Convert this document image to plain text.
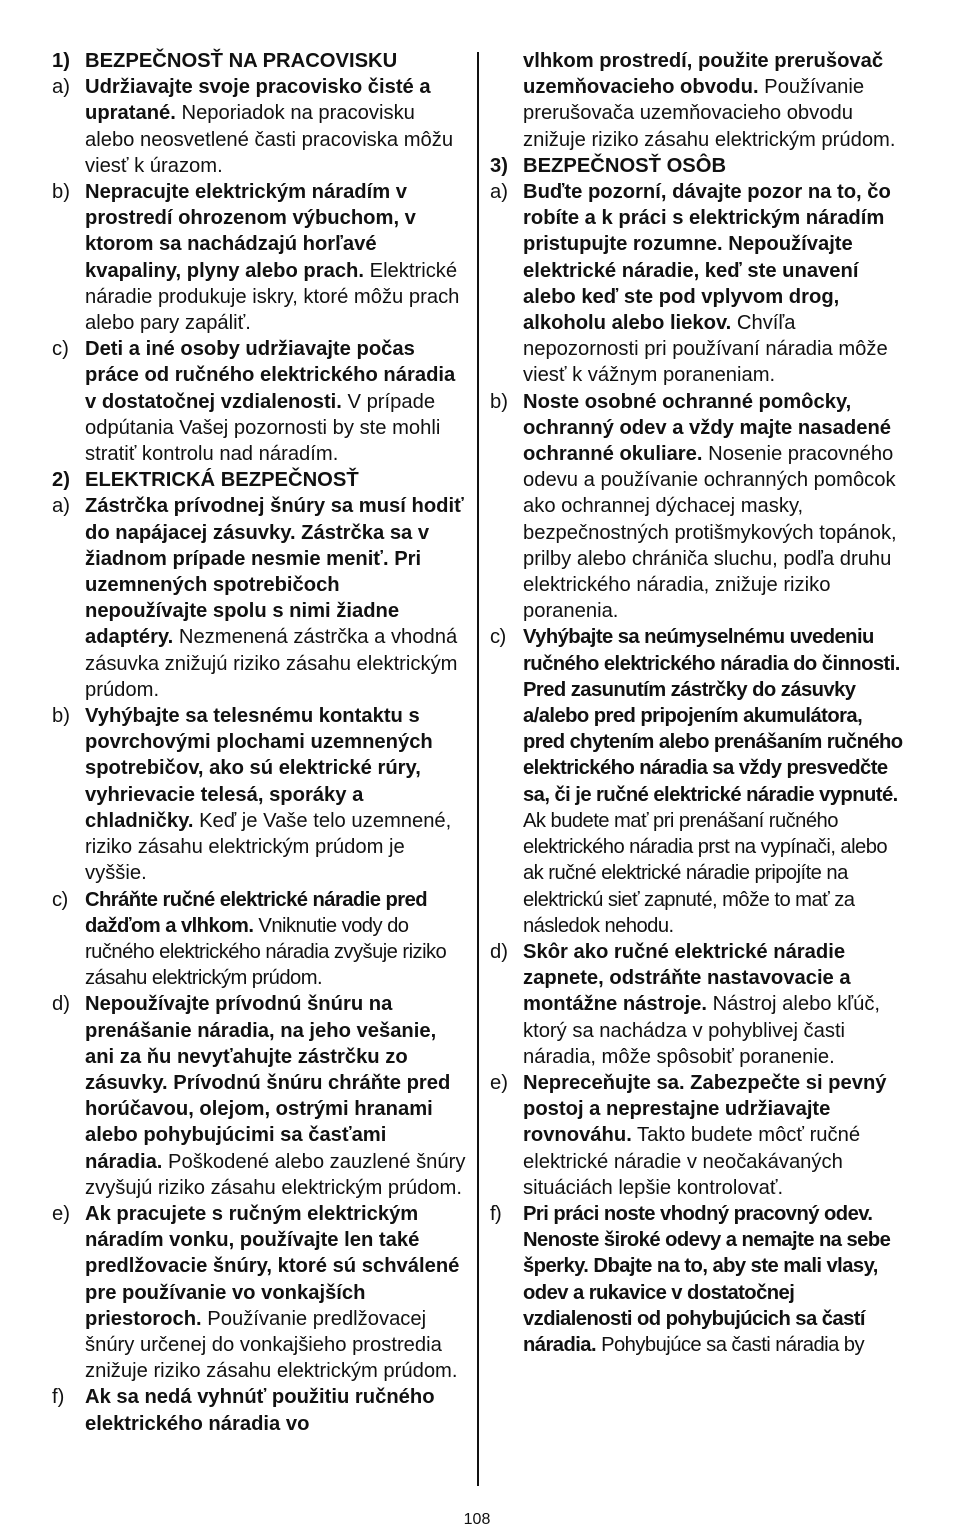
1) BEZPEČNOSŤ NA PRACOVISKU
a) Udržiavajte svoje pracovisko čisté a upratané. Neporiadok na pracovisku alebo neosvetlené časti pracoviska môžu viesť k úrazom.
b) Nepracujte elektrickým náradím v prostredí ohrozenom výbuchom, v ktorom sa nachádzajú horľavé kvapaliny, plyny alebo prach. Elektrické náradie produkuje iskry, ktoré môžu prach alebo pary zapáliť.
c) Deti a iné osoby udržiavajte počas práce od ručného elektrického náradia v dostatočnej vzdialenosti. V prípade odpútania Vašej pozornosti by ste mohli stratiť kontrolu nad náradím.
2) ELEKTRICKÁ BEZPEČNOSŤ
a) Zástrčka prívodnej šnúry sa musí hodiť do napájacej zásuvky. Zástrčka sa v žiadnom prípade nesmie meniť. Pri uzemnených spotrebičoch nepoužívajte spolu s nimi žiadne adaptéry. Nezmenená zástrčka a vhodná zásuvka znižujú riziko zásahu elektrickým prúdom.
b) Vyhýbajte sa telesnému kontaktu s povrchovými plochami uzemnených spotrebičov, ako sú elektrické rúry, vyhrievacie telesá, sporáky a chladničky. Keď je Vaše telo uzemnené, riziko zásahu elektrickým prúdom je vyššie.
c) Chráňte ručné elektrické náradie pred dažďom a vlhkom. Vniknutie vody do ručného elektrického náradia zvyšuje riziko zásahu elektrickým prúdom.
d) Nepoužívajte prívodnú šnúru na prenášanie náradia, na jeho vešanie, ani za ňu nevyťahujte zástrčku zo zásuvky. Prívodnú šnúru chráňte pred horúčavou, olejom, ostrými hranami alebo pohybujúcimi sa časťami náradia. Poškodené alebo zauzlené šnúry zvyšujú riziko zásahu elektrickým prúdom.
e) Ak pracujete s ručným elektrickým náradím vonku, používajte len také predlžovacie šnúry, ktoré sú schválené pre používanie vo vonkajších priestoroch. Používanie predlžovacej šnúry určenej do vonkajšieho prostredia znižuje riziko zásahu elektrickým prúdom.
f) Ak sa nedá vyhnúť použitiu ručného elektrického náradia vo
vlhkom prostredí, použite prerušovač uzemňovacieho obvodu. Používanie prerušovača uzemňovacieho obvodu znižuje riziko zásahu elektrickým prúdom.
3) BEZPEČNOSŤ OSÔB
a) Buďte pozorní, dávajte pozor na to, čo robíte a k práci s elektrickým náradím pristupujte rozumne. Nepoužívajte elektrické náradie, keď ste unavení alebo keď ste pod vplyvom drog, alkoholu alebo liekov. Chvíľa nepozornosti pri používaní náradia môže viesť k vážnym poraneniam.
b) Noste osobné ochranné pomôcky, ochranný odev a vždy majte nasadené ochranné okuliare. Nosenie pracovného odevu a používanie ochranných pomôcok ako ochrannej dýchacej masky, bezpečnostných protišmykových topánok, prilby alebo chrániča sluchu, podľa druhu elektrického náradia, znižuje riziko poranenia.
c) Vyhýbajte sa neúmyselnému uvedeniu ručného elektrického náradia do činnosti. Pred zasunutím zástrčky do zásuvky a/alebo pred pripojením akumulátora, pred chytením alebo prenášaním ručného elektrického náradia sa vždy presvedčte sa, či je ručné elektrické náradie vypnuté. Ak budete mať pri prenášaní ručného elektrického náradia prst na vypínači, alebo ak ručné elektrické náradie pripojíte na elektrickú sieť zapnuté, môže to mať za následok nehodu.
d) Skôr ako ručné elektrické náradie zapnete, odstráňte nastavovacie a montážne nástroje. Nástroj alebo kľúč, ktorý sa nachádza v pohyblivej časti náradia, môže spôsobiť poranenie.
e) Nepreceňujte sa. Zabezpečte si pevný postoj a neprestajne udržiavajte rovnováhu. Takto budete môcť ručné elektrické náradie v neočakávaných situáciách lepšie kontrolovať.
f) Pri práci noste vhodný pracovný odev. Nenoste široké odevy a nemajte na sebe šperky. Dbajte na to, aby ste mali vlasy, odev a rukavice v dostatočnej vzdialenosti od pohybujúcich sa častí náradia. Pohybujúce sa časti náradia by
108
